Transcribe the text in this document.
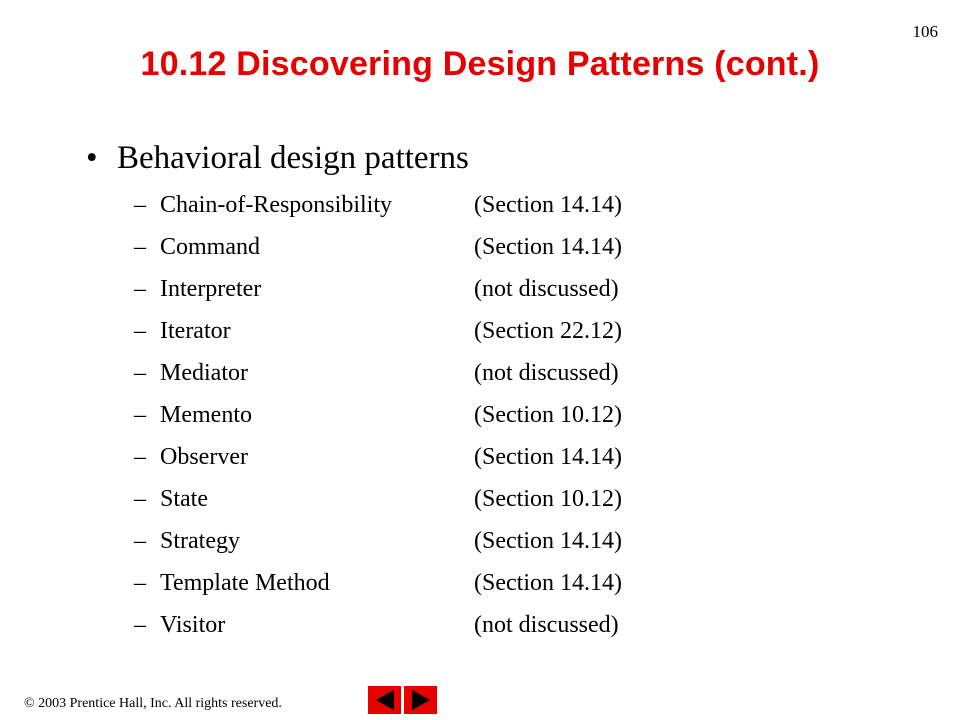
106
10.12 Discovering Design Patterns (cont.)
• Behavioral design patterns
– Chain-of-Responsibility	(Section 14.14)
– Command	(Section 14.14)
– Interpreter	(not discussed)
– Iterator	(Section 22.12)
– Mediator	(not discussed)
– Memento	(Section 10.12)
– Observer	(Section 14.14)
– State	(Section 10.12)
– Strategy	(Section 14.14)
– Template Method	(Section 14.14)
– Visitor	(not discussed)
© 2003 Prentice Hall, Inc. All rights reserved.
